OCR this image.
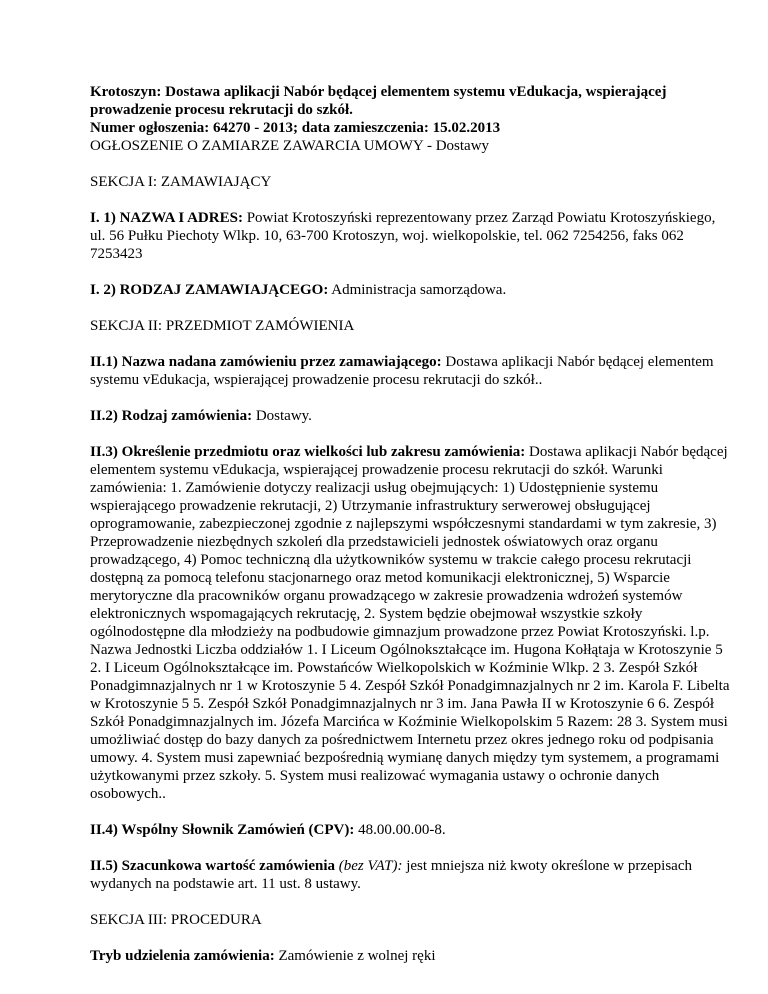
Krotoszyn: Dostawa aplikacji Nabór będącej elementem systemu vEdukacja, wspierającej prowadzenie procesu rekrutacji do szkół.

Numer ogłoszenia: 64270 - 2013; data zamieszczenia: 15.02.2013

OGŁOSZENIE O ZAMIARZE ZAWARCIA UMOWY - Dostawy

SEKCJA I: ZAMAWIAJĄCY

I. 1) NAZWA I ADRES: Powiat Krotoszyński reprezentowany przez Zarząd Powiatu Krotoszyńskiego, ul. 56 Pułku Piechoty Wlkp. 10, 63-700 Krotoszyn, woj. wielkopolskie, tel. 062 7254256, faks 062 7253423

I. 2) RODZAJ ZAMAWIAJĄCEGO: Administracja samorządowa.

SEKCJA II: PRZEDMIOT ZAMÓWIENIA

II.1) Nazwa nadana zamówieniu przez zamawiającego: Dostawa aplikacji Nabór będącej elementem systemu vEdukacja, wspierającej prowadzenie procesu rekrutacji do szkół..

II.2) Rodzaj zamówienia: Dostawy.

II.3) Określenie przedmiotu oraz wielkości lub zakresu zamówienia: Dostawa aplikacji Nabór będącej elementem systemu vEdukacja, wspierającej prowadzenie procesu rekrutacji do szkół. Warunki zamówienia: 1. Zamówienie dotyczy realizacji usług obejmujących: 1) Udostępnienie systemu wspierającego prowadzenie rekrutacji, 2) Utrzymanie infrastruktury serwerowej obsługującej oprogramowanie, zabezpieczonej zgodnie z najlepszymi współczesnymi standardami w tym zakresie, 3) Przeprowadzenie niezbędnych szkoleń dla przedstawicieli jednostek oświatowych oraz organu prowadzącego, 4) Pomoc techniczną dla użytkowników systemu w trakcie całego procesu rekrutacji dostępną za pomocą telefonu stacjonarnego oraz metod komunikacji elektronicznej, 5) Wsparcie merytoryczne dla pracowników organu prowadzącego w zakresie prowadzenia wdrożeń systemów elektronicznych wspomagających rekrutację, 2. System będzie obejmował wszystkie szkoły ogólnodostępne dla młodzieży na podbudowie gimnazjum prowadzone przez Powiat Krotoszyński. l.p. Nazwa Jednostki Liczba oddziałów 1. I Liceum Ogólnokształcące im. Hugona Kołłątaja w Krotoszynie 5 2. I Liceum Ogólnokształcące im. Powstańców Wielkopolskich w Koźminie Wlkp. 2 3. Zespół Szkół Ponadgimnazjalnych nr 1 w Krotoszynie 5 4. Zespół Szkół Ponadgimnazjalnych nr 2 im. Karola F. Libelta w Krotoszynie 5 5. Zespół Szkół Ponadgimnazjalnych nr 3 im. Jana Pawła II w Krotoszynie 6 6. Zespół Szkół Ponadgimnazjalnych im. Józefa Marcińca w Koźminie Wielkopolskim 5 Razem: 28 3. System musi umożliwiać dostęp do bazy danych za pośrednictwem Internetu przez okres jednego roku od podpisania umowy. 4. System musi zapewniać bezpośrednią wymianę danych między tym systemem, a programami użytkowanymi przez szkoły. 5. System musi realizować wymagania ustawy o ochronie danych osobowych..

II.4) Wspólny Słownik Zamówień (CPV): 48.00.00.00-8.

II.5) Szacunkowa wartość zamówienia (bez VAT): jest mniejsza niż kwoty określone w przepisach wydanych na podstawie art. 11 ust. 8 ustawy.

SEKCJA III: PROCEDURA

Tryb udzielenia zamówienia: Zamówienie z wolnej ręki
